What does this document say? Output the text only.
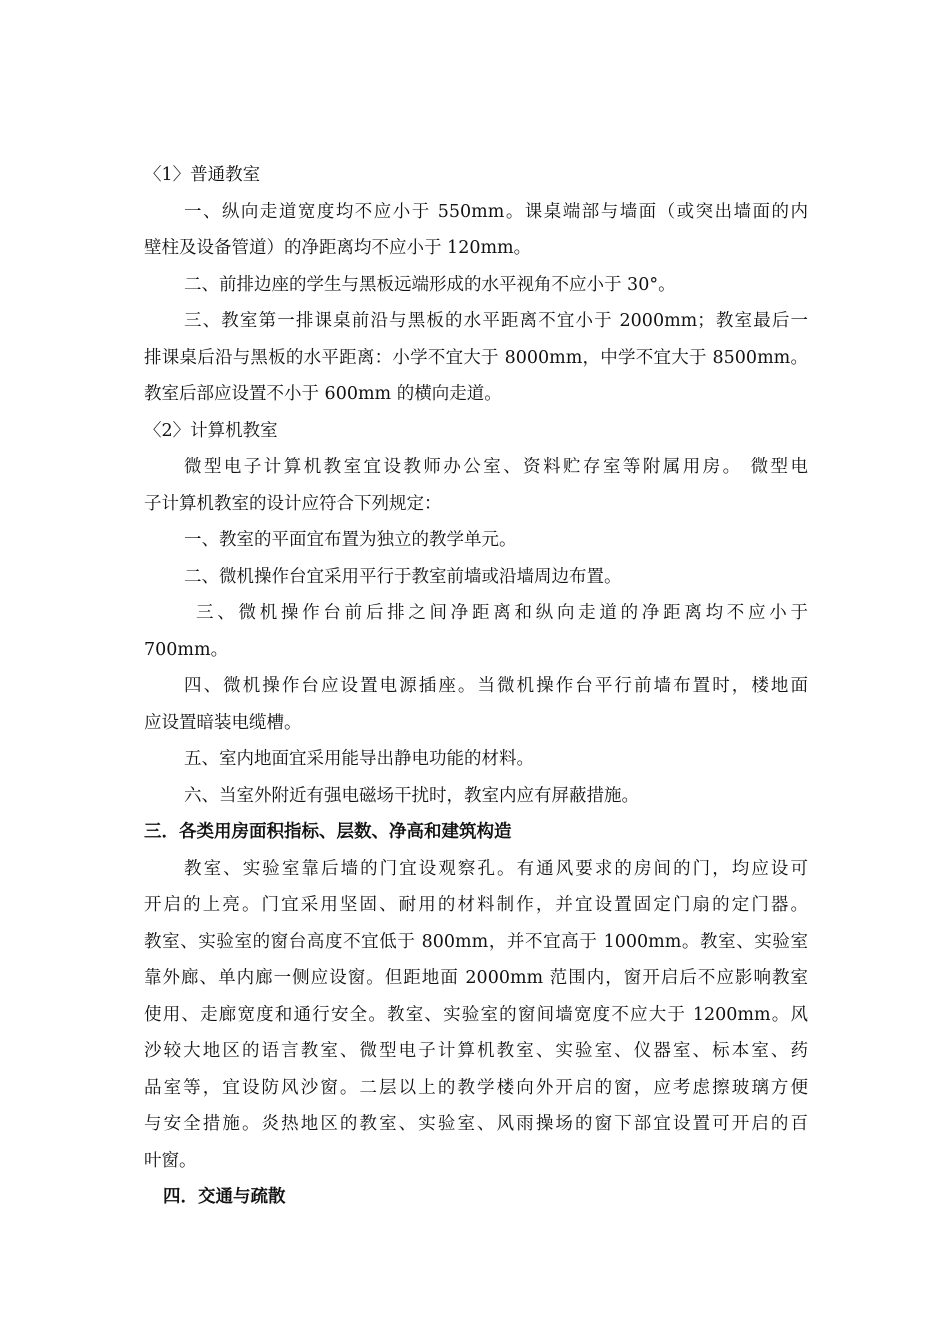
〈1〉普通教室
一、纵向走道宽度均不应小于 550mm。课桌端部与墙面（或突出墙面的内
壁柱及设备管道）的净距离均不应小于 120mm。
二、前排边座的学生与黑板远端形成的水平视角不应小于 30°。
三、教室第一排课桌前沿与黑板的水平距离不宜小于 2000mm；教室最后一
排课桌后沿与黑板的水平距离：小学不宜大于 8000mm，中学不宜大于 8500mm。
教室后部应设置不小于 600mm 的横向走道。
〈2〉计算机教室
微型电子计算机教室宜设教师办公室、资料贮存室等附属用房。 微型电
子计算机教室的设计应符合下列规定：
一、教室的平面宜布置为独立的教学单元。
二、微机操作台宜采用平行于教室前墙或沿墙周边布置。
三、微机操作台前后排之间净距离和纵向走道的净距离均不应小于
700mm。
四、微机操作台应设置电源插座。当微机操作台平行前墙布置时，楼地面
应设置暗装电缆槽。
五、室内地面宜采用能导出静电功能的材料。
六、当室外附近有强电磁场干扰时，教室内应有屏蔽措施。
三．各类用房面积指标、层数、净高和建筑构造
教室、实验室靠后墙的门宜设观察孔。有通风要求的房间的门，均应设可
开启的上亮。门宜采用坚固、耐用的材料制作，并宜设置固定门扇的定门器。
教室、实验室的窗台高度不宜低于 800mm，并不宜高于 1000mm。教室、实验室
靠外廊、单内廊一侧应设窗。但距地面 2000mm 范围内，窗开启后不应影响教室
使用、走廊宽度和通行安全。教室、实验室的窗间墙宽度不应大于 1200mm。风
沙较大地区的语言教室、微型电子计算机教室、实验室、仪器室、标本室、药
品室等，宜设防风沙窗。二层以上的教学楼向外开启的窗，应考虑擦玻璃方便
与安全措施。炎热地区的教室、实验室、风雨操场的窗下部宜设置可开启的百
叶窗。
四．交通与疏散
